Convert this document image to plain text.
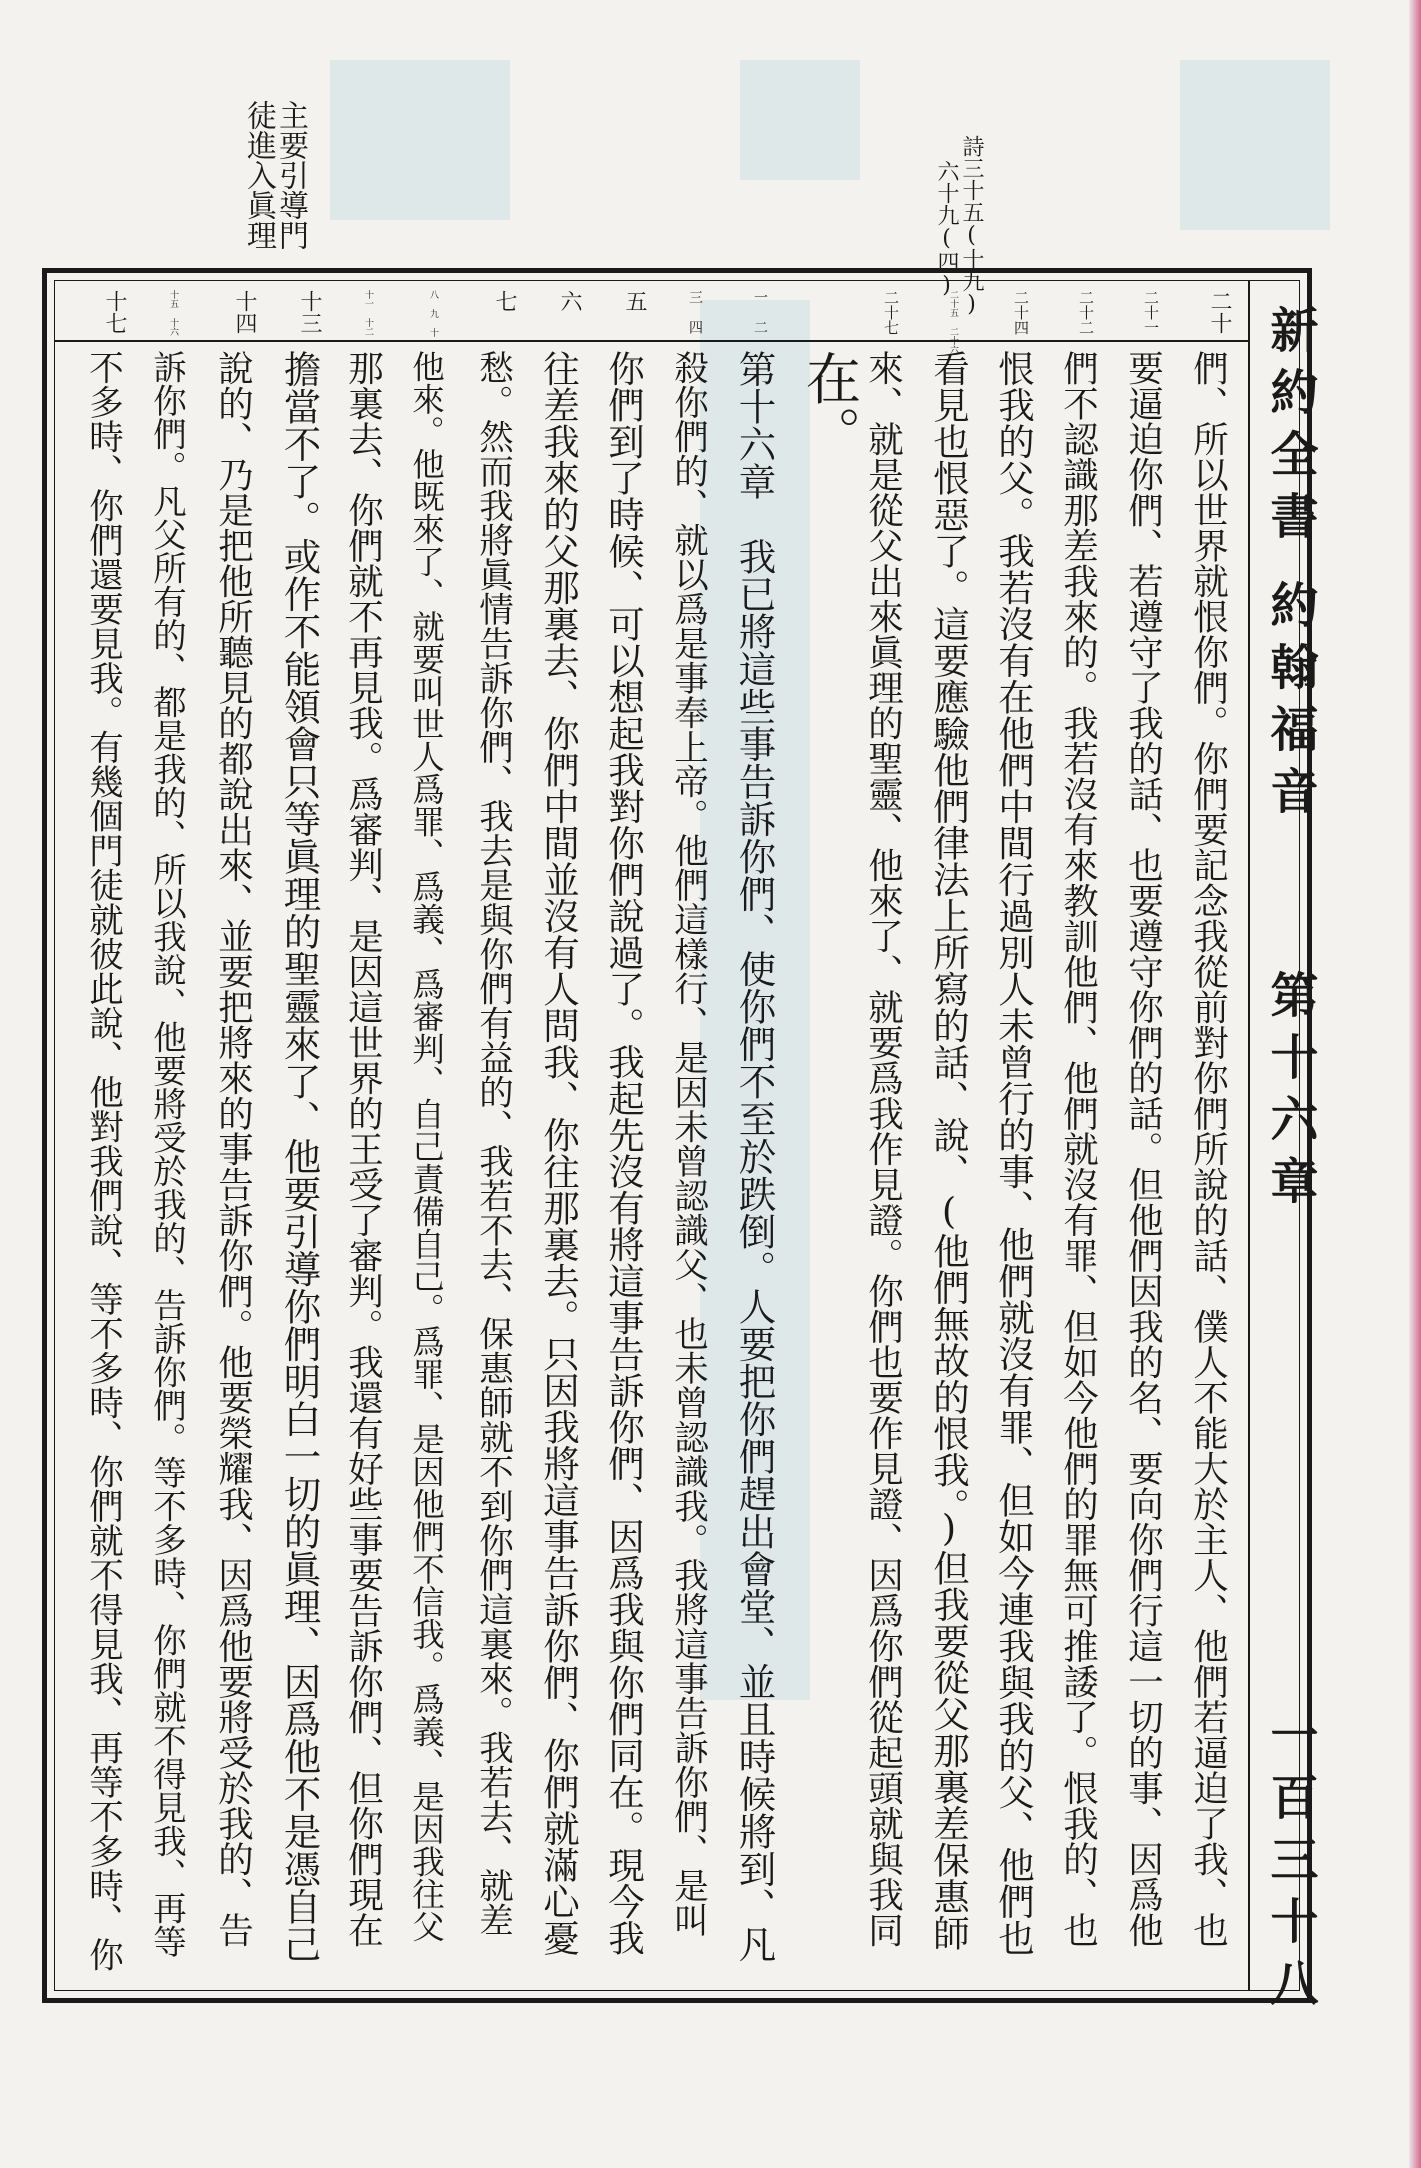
主要引導門
徒進入眞理	詩三十五(十九)
六十九(四)
新約全書
約翰福音
第十六章
一百三十八
二十
二十一
二十二
二十四
二十五 二十六
二十七
一 二
三 四
五
六
七
八 九 十
十一 十二
十三
十四
十五 十六
十七
們、所以世界就恨你們。你們要記念我從前對你們所說的話、僕人不能大於主人、他們若逼迫了我、也
要逼迫你們、若遵守了我的話、也要遵守你們的話。但他們因我的名、要向你們行這一切的事、因爲他
們不認識那差我來的。我若沒有來教訓他們、他們就沒有罪、但如今他們的罪無可推諉了。恨我的、也
恨我的父。我若沒有在他們中間行過別人未曾行的事、他們就沒有罪、但如今連我與我的父、他們也
看見也恨惡了。這要應驗他們律法上所寫的話、說、(他們無故的恨我。)但我要從父那裏差保惠師
來、就是從父出來眞理的聖靈、他來了、就要爲我作見證。你們也要作見證、因爲你們從起頭就與我同
在。
第十六章　我已將這些事告訴你們、使你們不至於跌倒。人要把你們趕出會堂、並且時候將到、凡
殺你們的、就以爲是事奉上帝。他們這樣行、是因未曾認識父、也未曾認識我。我將這事告訴你們、是叫
你們到了時候、可以想起我對你們說過了。我起先沒有將這事告訴你們、因爲我與你們同在。現今我
往差我來的父那裏去、你們中間並沒有人問我、你往那裏去。只因我將這事告訴你們、你們就滿心憂
愁。然而我將眞情告訴你們、我去是與你們有益的、我若不去、保惠師就不到你們這裏來。我若去、就差
他來。他既來了、就要叫世人爲罪、爲義、爲審判、自己責備自己。爲罪、是因他們不信我。爲義、是因我往父
那裏去、你們就不再見我。爲審判、是因這世界的王受了審判。我還有好些事要告訴你們、但你們現在
擔當不了。或作不能領會只等眞理的聖靈來了、他要引導你們明白一切的眞理、因爲他不是憑自己
說的、乃是把他所聽見的都說出來、並要把將來的事告訴你們。他要榮耀我、因爲他要將受於我的、告
訴你們。凡父所有的、都是我的、所以我說、他要將受於我的、告訴你們。等不多時、你們就不得見我、再等
不多時、你們還要見我。有幾個門徒就彼此說、他對我們說、等不多時、你們就不得見我、再等不多時、你
